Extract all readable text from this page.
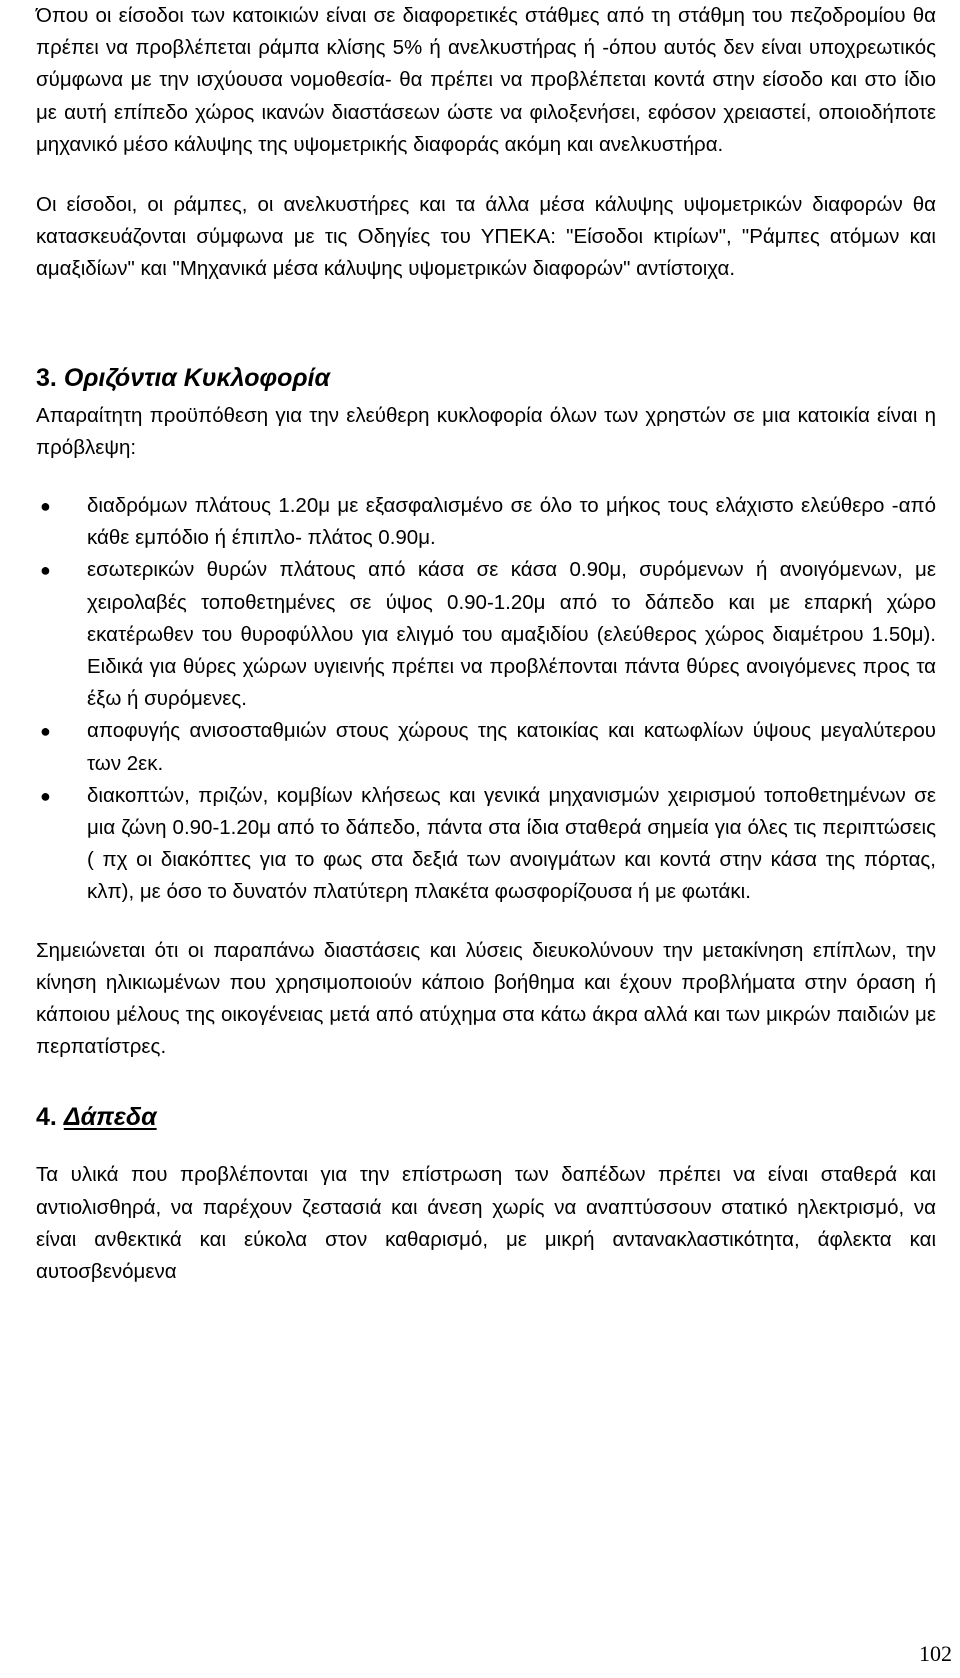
Όπου οι είσοδοι των κατοικιών είναι σε διαφορετικές στάθμες από τη στάθμη του πεζοδρομίου θα πρέπει να προβλέπεται ράμπα κλίσης 5% ή ανελκυστήρας ή -όπου αυτός δεν είναι υποχρεωτικός σύμφωνα με την ισχύουσα νομοθεσία- θα πρέπει να προβλέπεται κοντά στην είσοδο και στο ίδιο με αυτή επίπεδο χώρος ικανών διαστάσεων ώστε να φιλοξενήσει, εφόσον χρειαστεί, οποιοδήποτε μηχανικό μέσο κάλυψης της υψομετρικής διαφοράς ακόμη και ανελκυστήρα.

Οι είσοδοι, οι ράμπες, οι ανελκυστήρες και τα άλλα μέσα κάλυψης υψομετρικών διαφορών θα κατασκευάζονται σύμφωνα με τις Οδηγίες του ΥΠΕΚΑ: "Είσοδοι κτιρίων", "Ράμπες ατόμων και αμαξιδίων" και "Μηχανικά μέσα κάλυψης υψομετρικών διαφορών" αντίστοιχα.

3. Οριζόντια Κυκλοφορία

Απαραίτητη προϋπόθεση για την ελεύθερη κυκλοφορία όλων των χρηστών σε μια κατοικία είναι η πρόβλεψη:

● διαδρόμων πλάτους 1.20μ με εξασφαλισμένο σε όλο το μήκος τους ελάχιστο ελεύθερο -από κάθε εμπόδιο ή έπιπλο- πλάτος 0.90μ.
● εσωτερικών θυρών πλάτους από κάσα σε κάσα 0.90μ, συρόμενων ή ανοιγόμενων, με χειρολαβές τοποθετημένες σε ύψος 0.90-1.20μ από το δάπεδο και με επαρκή χώρο εκατέρωθεν του θυροφύλλου για ελιγμό του αμαξιδίου (ελεύθερος χώρος διαμέτρου 1.50μ). Ειδικά για θύρες χώρων υγιεινής πρέπει να προβλέπονται πάντα θύρες ανοιγόμενες προς τα έξω ή συρόμενες.
● αποφυγής ανισοσταθμιών στους χώρους της κατοικίας και κατωφλίων ύψους μεγαλύτερου των 2εκ.
● διακοπτών, πριζών, κομβίων κλήσεως και γενικά μηχανισμών χειρισμού τοποθετημένων σε μια ζώνη 0.90-1.20μ από το δάπεδο, πάντα στα ίδια σταθερά σημεία για όλες τις περιπτώσεις ( πχ οι διακόπτες για το φως στα δεξιά των ανοιγμάτων και κοντά στην κάσα της πόρτας, κλπ), με όσο το δυνατόν πλατύτερη πλακέτα φωσφορίζουσα ή με φωτάκι.

Σημειώνεται ότι οι παραπάνω διαστάσεις και λύσεις διευκολύνουν την μετακίνηση επίπλων, την κίνηση ηλικιωμένων που χρησιμοποιούν κάποιο βοήθημα και έχουν προβλήματα στην όραση ή κάποιου μέλους της οικογένειας μετά από ατύχημα στα κάτω άκρα αλλά και των μικρών παιδιών με περπατίστρες.

4. Δάπεδα

Τα υλικά που προβλέπονται για την επίστρωση των δαπέδων πρέπει να είναι σταθερά και αντιολισθηρά, να παρέχουν ζεστασιά και άνεση χωρίς να αναπτύσσουν στατικό ηλεκτρισμό, να είναι ανθεκτικά και εύκολα στον καθαρισμό, με μικρή αντανακλαστικότητα, άφλεκτα και αυτοσβενόμενα

102
